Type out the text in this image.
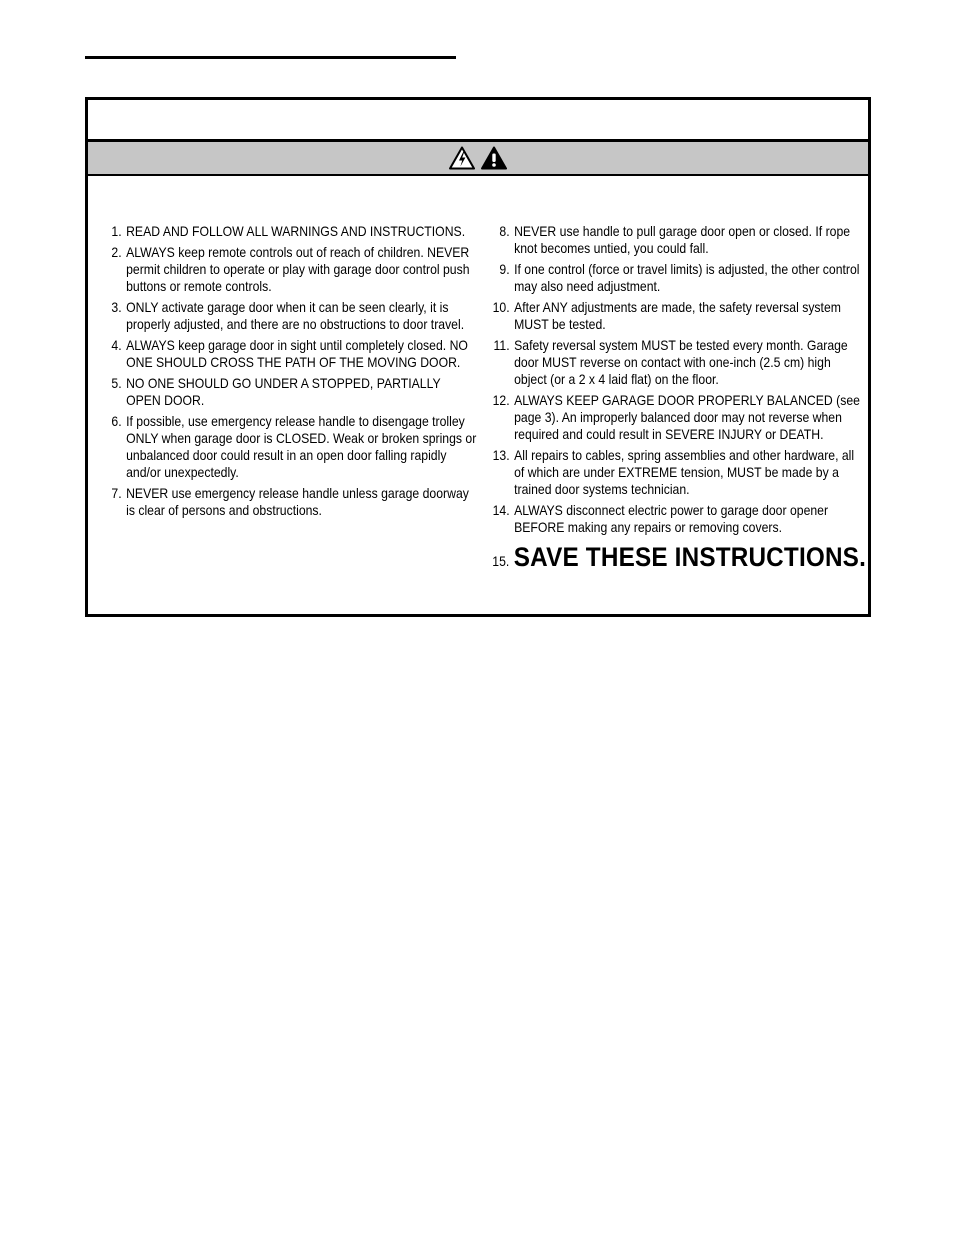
1. READ AND FOLLOW ALL WARNINGS AND INSTRUCTIONS.
2. ALWAYS keep remote controls out of reach of children. NEVER permit children to operate or play with garage door control push buttons or remote controls.
3. ONLY activate garage door when it can be seen clearly, it is properly adjusted, and there are no obstructions to door travel.
4. ALWAYS keep garage door in sight until completely closed. NO ONE SHOULD CROSS THE PATH OF THE MOVING DOOR.
5. NO ONE SHOULD GO UNDER A STOPPED, PARTIALLY OPEN DOOR.
6. If possible, use emergency release handle to disengage trolley ONLY when garage door is CLOSED. Weak or broken springs or unbalanced door could result in an open door falling rapidly and/or unexpectedly.
7. NEVER use emergency release handle unless garage doorway is clear of persons and obstructions.
8. NEVER use handle to pull garage door open or closed. If rope knot becomes untied, you could fall.
9. If one control (force or travel limits) is adjusted, the other control may also need adjustment.
10. After ANY adjustments are made, the safety reversal system MUST be tested.
11. Safety reversal system MUST be tested every month. Garage door MUST reverse on contact with one-inch (2.5 cm) high object (or a 2 x 4 laid flat) on the floor.
12. ALWAYS KEEP GARAGE DOOR PROPERLY BALANCED (see page 3). An improperly balanced door may not reverse when required and could result in SEVERE INJURY or DEATH.
13. All repairs to cables, spring assemblies and other hardware, all of which are under EXTREME tension, MUST be made by a trained door systems technician.
14. ALWAYS disconnect electric power to garage door opener BEFORE making any repairs or removing covers.
15. SAVE THESE INSTRUCTIONS.
